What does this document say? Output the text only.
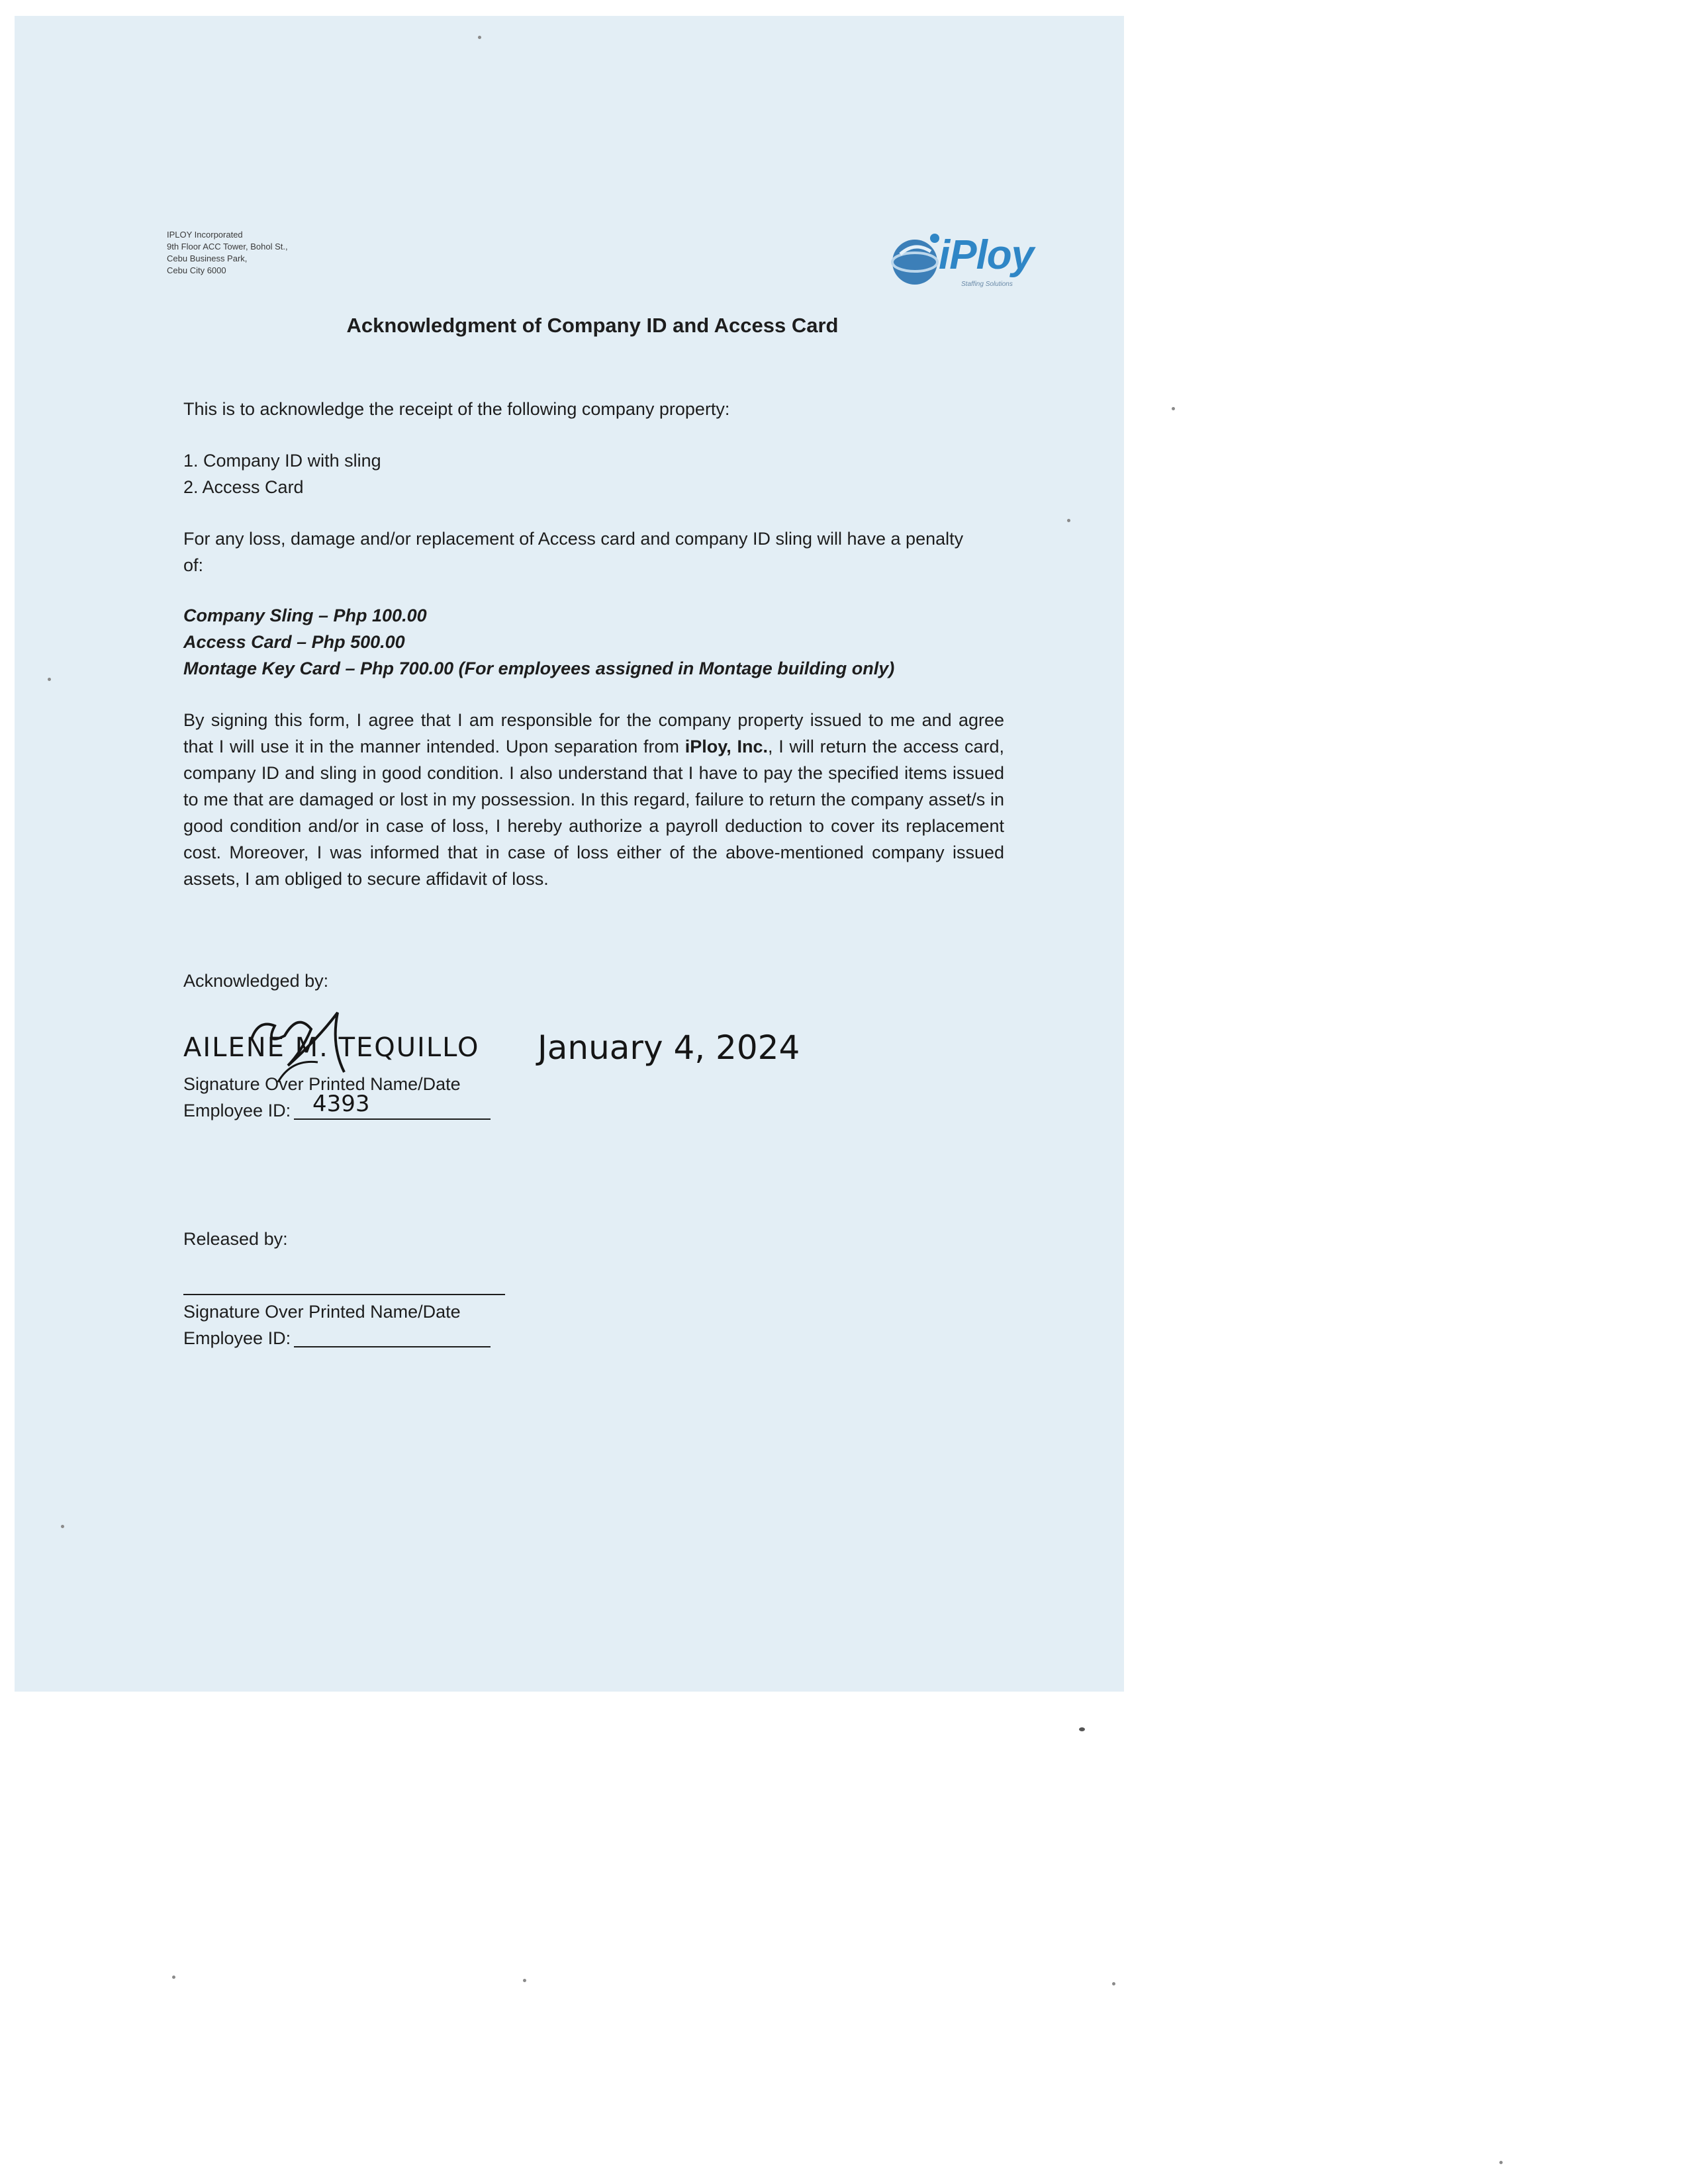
IPLOY Incorporated
9th Floor ACC Tower, Bohol St.,
Cebu Business Park,
Cebu City 6000	iPloy
Staffing Solutions
Acknowledgment of Company ID and Access Card
This is to acknowledge the receipt of the following company property:
1. Company ID with sling
2. Access Card
For any loss, damage and/or replacement of Access card and company ID sling will have a penalty
of:
Company Sling – Php 100.00
Access Card – Php 500.00
Montage Key Card – Php 700.00 (For employees assigned in Montage building only)
By signing this form, I agree that I am responsible for the company property issued to me and agree that I will use it in the manner intended. Upon separation from iPloy, Inc., I will return the access card, company ID and sling in good condition. I also understand that I have to pay the specified items issued to me that are damaged or lost in my possession. In this regard, failure to return the company asset/s in good condition and/or in case of loss, I hereby authorize a payroll deduction to cover its replacement cost. Moreover, I was informed that in case of loss either of the above-mentioned company issued assets, I am obliged to secure affidavit of loss.
Acknowledged by:
AILENE M. TEQUILLO January 4, 2024
Signature Over Printed Name/Date
Employee ID: 4393
Released by:
Signature Over Printed Name/Date
Employee ID:
